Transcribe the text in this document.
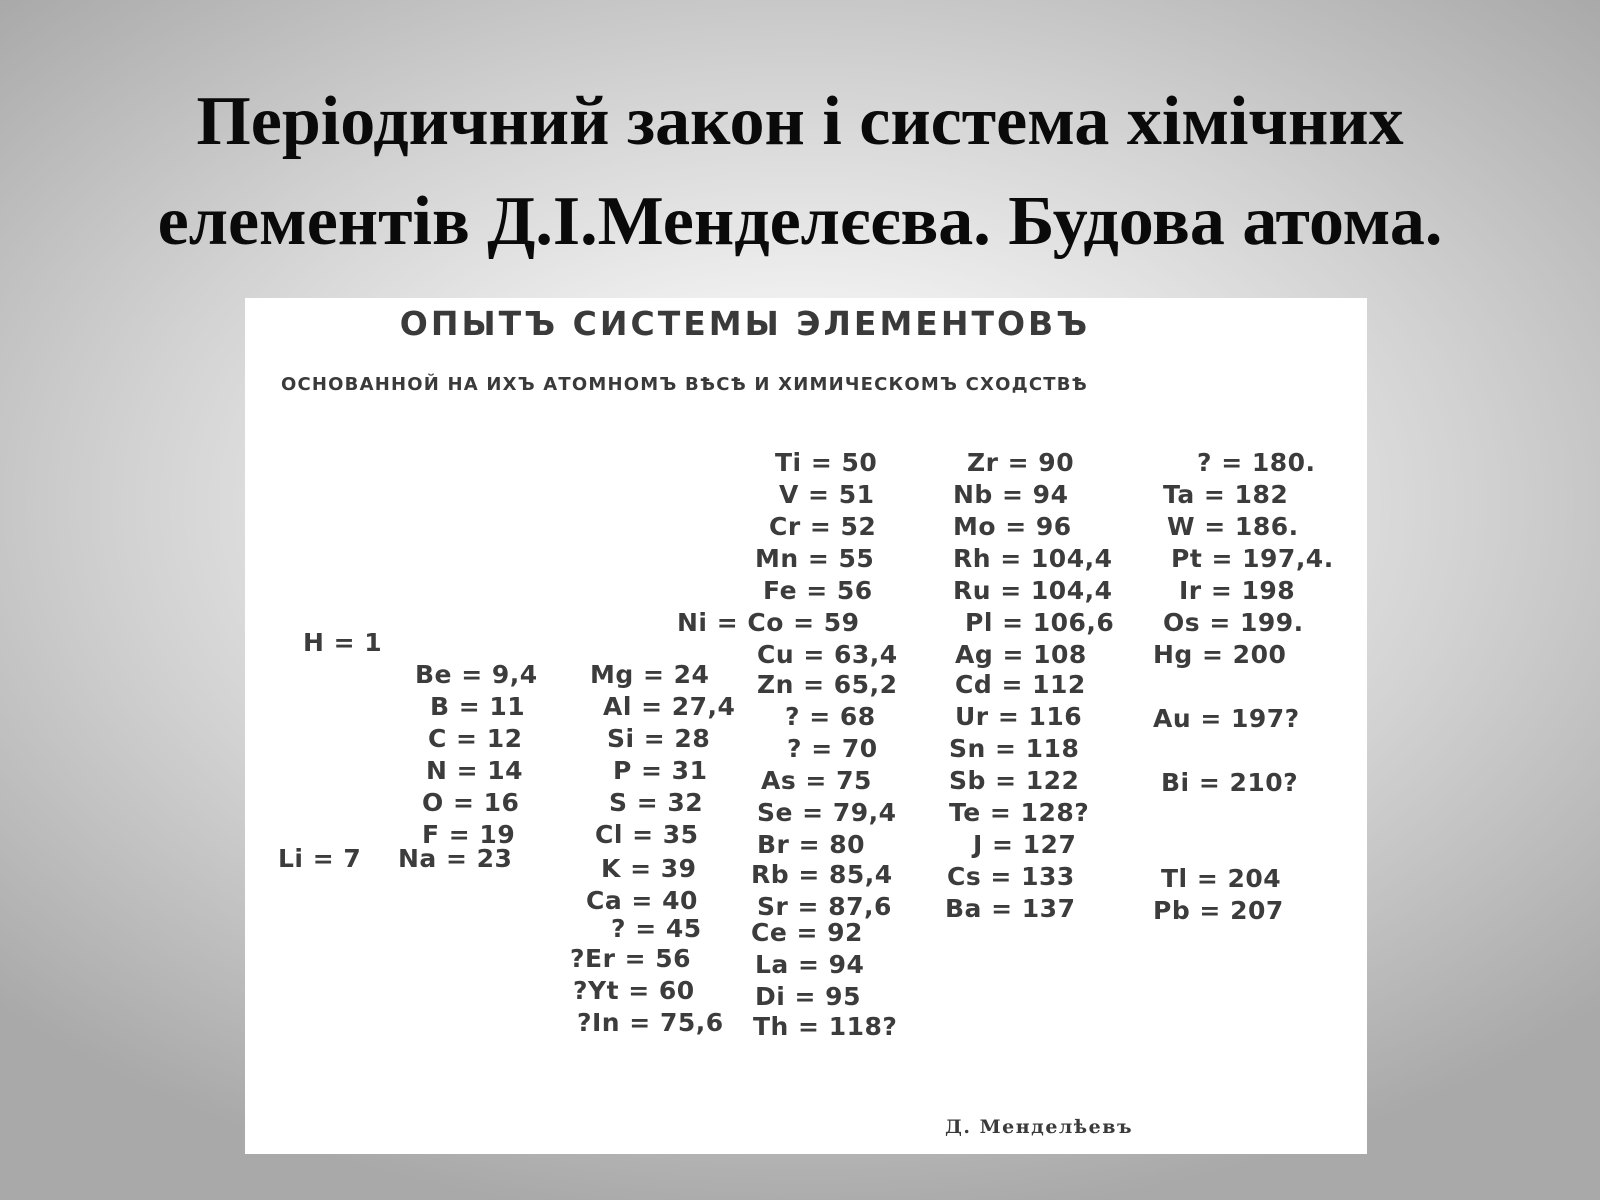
Періодичний закон і система хімічних
елементів Д.І.Менделєєва. Будова атома.
ОПЫТЪ СИСТЕМЫ ЭЛЕМЕНТОВЪ
ОСНОВАННОЙ НА ИХЪ АТОМНОМЪ ВѢСѢ И ХИМИЧЕСКОМЪ СХОДСТВѢ
H = 1
Li = 7
Be = 9,4
B = 11
C = 12
N = 14
O = 16
F = 19
Na = 23
Mg = 24
Al = 27,4
Si = 28
P = 31
S = 32
Cl = 35
K = 39
Ca = 40
? = 45
?Er = 56
?Yt = 60
?In = 75,6
Ti = 50
V = 51
Cr = 52
Mn = 55
Fe = 56
Ni = Co = 59
Cu = 63,4
Zn = 65,2
? = 68
? = 70
As = 75
Se = 79,4
Br = 80
Rb = 85,4
Sr = 87,6
Ce = 92
La = 94
Di = 95
Th = 118?
Zr = 90
Nb = 94
Mo = 96
Rh = 104,4
Ru = 104,4
Pl = 106,6
Ag = 108
Cd = 112
Ur = 116
Sn = 118
Sb = 122
Te = 128?
J = 127
Cs = 133
Ba = 137
? = 180.
Ta = 182
W = 186.
Pt = 197,4.
Ir = 198
Os = 199.
Hg = 200
Au = 197?
Bi = 210?
Tl = 204
Pb = 207
Д. Менделѣевъ
